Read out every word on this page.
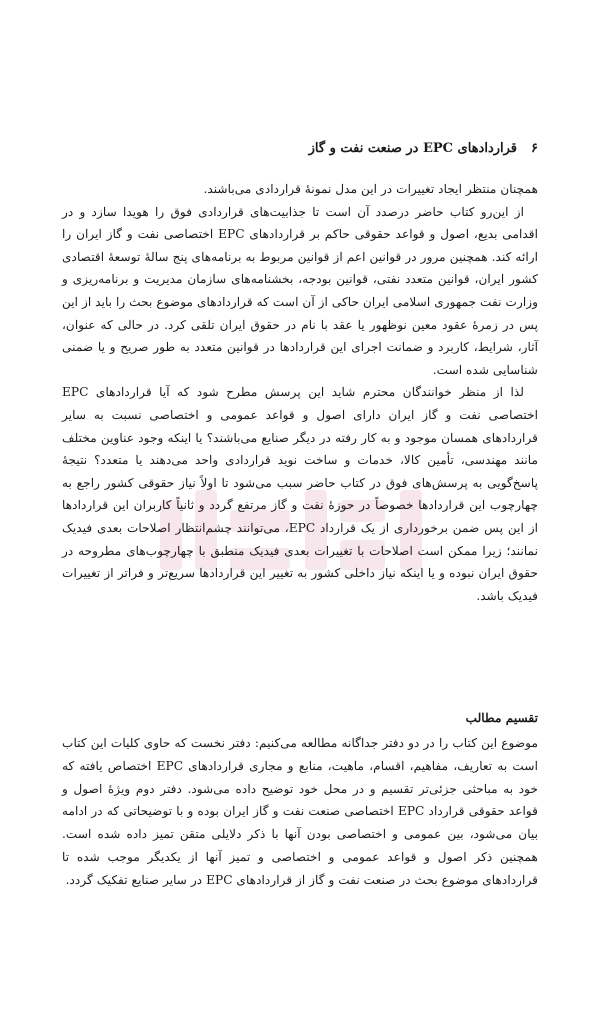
۶
قراردادهای EPC در صنعت نفت و گاز

همچنان منتظر ایجاد تغییرات در این مدل نمونهٔ قراردادی می‌باشند.

از این‌رو کتاب حاضر درصدد آن است تا جذابیت‌های قراردادی فوق را هویدا سازد و در اقدامی بدیع، اصول و قواعد حقوقی حاکم بر قراردادهای EPC اختصاصی نفت و گاز ایران را ارائه کند. همچنین مرور در قوانین اعم از قوانین مربوط به برنامه‌های پنج سالهٔ توسعهٔ اقتصادی کشور ایران، قوانین متعدد نفتی، قوانین بودجه، بخشنامه‌های سازمان مدیریت و برنامه‌ریزی و وزارت نفت جمهوری اسلامی ایران حاکی از آن است که قراردادهای موضوع بحث را باید از این پس در زمرهٔ عقود معین نوظهور یا عقد با نام در حقوق ایران تلقی کرد. در حالی که عنوان، آثار، شرایط، کاربرد و ضمانت اجرای این قراردادها در قوانین متعدد به طور صریح و یا ضمنی شناسایی شده است.

لذا از منظر خوانندگان محترم شاید این پرسش مطرح شود که آیا قراردادهای EPC اختصاصی نفت و گاز ایران دارای اصول و قواعد عمومی و اختصاصی نسبت به سایر قراردادهای همسان موجود و به کار رفته در دیگر صنایع می‌باشند؟ یا اینکه وجود عناوین مختلف مانند مهندسی، تأمین کالا، خدمات و ساخت نوید قراردادی واحد می‌دهند یا متعدد؟ نتیجهٔ پاسخ‌گویی به پرسش‌های فوق در کتاب حاضر سبب می‌شود تا اولاً نیاز حقوقی کشور راجع به چهارچوب این قراردادها خصوصاً در حوزهٔ نفت و گاز مرتفع گردد و ثانیاً کاربران این قراردادها از این پس ضمن برخورداری از یک قرارداد EPC، می‌توانند چشم‌انتظار اصلاحات بعدی فیدیک نمانند؛ زیرا ممکن است اصلاحات با تغییرات بعدی فیدیک منطبق با چهارچوب‌های مطروحه در حقوق ایران نبوده و یا اینکه نیاز داخلی کشور به تغییر این قراردادها سریع‌تر و فراتر از تغییرات فیدیک باشد.

تقسیم مطالب

موضوع این کتاب را در دو دفتر جداگانه مطالعه می‌کنیم: دفتر نخست که حاوی کلیات این کتاب است به تعاریف، مفاهیم، اقسام، ماهیت، منابع و مجاری قراردادهای EPC اختصاص یافته که خود به مباحثی جزئی‌تر تقسیم و در محل خود توضیح داده می‌شود. دفتر دوم ویژهٔ اصول و قواعد حقوقی قرارداد EPC اختصاصی صنعت نفت و گاز ایران بوده و با توضیحاتی که در ادامه بیان می‌شود، بین عمومی و اختصاصی بودن آنها با ذکر دلایلی متقن تمیز داده شده است. همچنین ذکر اصول و قواعد عمومی و اختصاصی و تمیز آنها از یکدیگر موجب شده تا قراردادهای موضوع بحث در صنعت نفت و گاز از قراردادهای EPC در سایر صنایع تفکیک گردد.
